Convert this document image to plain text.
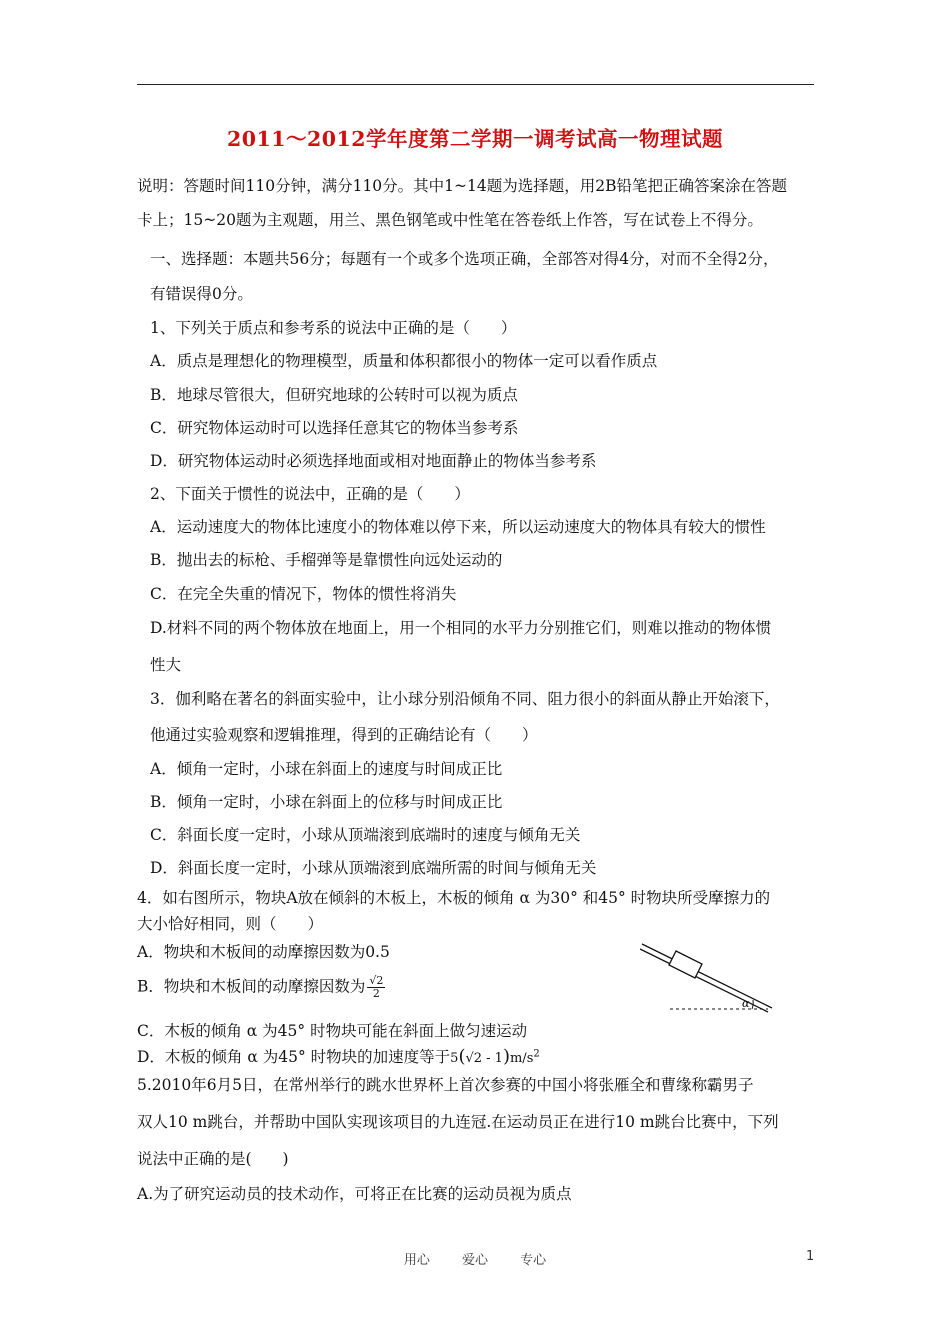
2011～2012学年度第二学期一调考试高一物理试题
说明：答题时间110分钟，满分110分。其中1~14题为选择题，用2B铅笔把正确答案涂在答题
卡上；15~20题为主观题，用兰、黑色钢笔或中性笔在答卷纸上作答，写在试卷上不得分。
一、选择题：本题共56分；每题有一个或多个选项正确，全部答对得4分，对而不全得2分，
有错误得0分。
1、下列关于质点和参考系的说法中正确的是（　　）
A．质点是理想化的物理模型，质量和体积都很小的物体一定可以看作质点
B．地球尽管很大，但研究地球的公转时可以视为质点
C．研究物体运动时可以选择任意其它的物体当参考系
D．研究物体运动时必须选择地面或相对地面静止的物体当参考系
2、下面关于惯性的说法中，正确的是（　　）
A．运动速度大的物体比速度小的物体难以停下来，所以运动速度大的物体具有较大的惯性
B．抛出去的标枪、手榴弹等是靠惯性向远处运动的
C．在完全失重的情况下，物体的惯性将消失
D.材料不同的两个物体放在地面上，用一个相同的水平力分别推它们，则难以推动的物体惯
性大
3．伽利略在著名的斜面实验中，让小球分别沿倾角不同、阻力很小的斜面从静止开始滚下，
他通过实验观察和逻辑推理，得到的正确结论有（　　）
A．倾角一定时，小球在斜面上的速度与时间成正比
B．倾角一定时，小球在斜面上的位移与时间成正比
C．斜面长度一定时，小球从顶端滚到底端时的速度与倾角无关
D．斜面长度一定时，小球从顶端滚到底端所需的时间与倾角无关
4．如右图所示，物块A放在倾斜的木板上，木板的倾角 α 为30° 和45° 时物块所受摩擦力的
大小恰好相同，则（　　）
A．物块和木板间的动摩擦因数为0.5
B．物块和木板间的动摩擦因数为 $\frac{√2}{2}$
C．木板的倾角 α 为45° 时物块可能在斜面上做匀速运动
D．木板的倾角 α 为45° 时物块的加速度等于$5(√2 - 1)m/s^2$
α
5.2010年6月5日，在常州举行的跳水世界杯上首次参赛的中国小将张雁全和曹缘称霸男子
双人10 m跳台，并帮助中国队实现该项目的九连冠.在运动员正在进行10 m跳台比赛中，下列
说法中正确的是(　　)
A.为了研究运动员的技术动作，可将正在比赛的运动员视为质点
用心 爱心 专心	1
